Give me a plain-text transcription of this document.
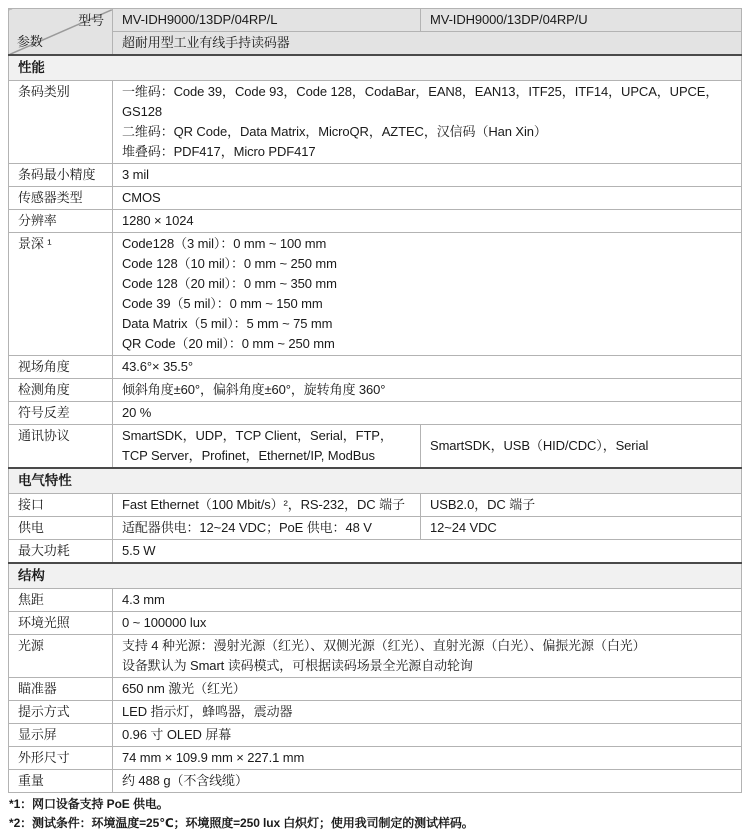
型号
参数	MV-IDH9000/13DP/04RP/L	MV-IDH9000/13DP/04RP/U
	超耐用型工业有线手持读码器	
性能		
条码类别	一维码：Code 39，Code 93，Code 128，CodaBar，EAN8，EAN13，ITF25，ITF14，UPCA，UPCE，GS128
二维码：QR Code，Data Matrix，MicroQR，AZTEC，汉信码（Han Xin）
堆叠码：PDF417，Micro PDF417	

条码最小精度	3 mil	

传感器类型	CMOS	

分辨率	1280 × 1024	

景深 ¹	Code128（3 mil）：0 mm ~ 100 mm
Code 128（10 mil）：0 mm ~ 250 mm
Code 128（20 mil）：0 mm ~ 350 mm
Code 39（5 mil）：0 mm ~ 150 mm
Data Matrix（5 mil）：5 mm ~ 75 mm
QR Code（20 mil）：0 mm ~ 250 mm

视场角度	43.6°× 35.5°	

检测角度	倾斜角度±60°，偏斜角度±60°，旋转角度 360°	

符号反差	20 %	

通讯协议	SmartSDK，UDP，TCP Client，Serial，FTP，
TCP Server，Profinet，Ethernet/IP, ModBus	SmartSDK，USB（HID/CDC），Serial

电气特性		
接口	Fast Ethernet（100 Mbit/s）²，RS-232，DC 端子	USB2.0，DC 端子

供电	适配器供电：12~24 VDC；PoE 供电：48 V	12~24 VDC

最大功耗	5.5 W	

结构		
焦距	4.3 mm	

环境光照	0 ~ 100000 lux	

光源	支持 4 种光源：漫射光源（红光）、双侧光源（红光）、直射光源（白光）、偏振光源（白光）
设备默认为 Smart 读码模式，可根据读码场景全光源自动轮询	

瞄准器	650 nm 激光（红光）	

提示方式	LED 指示灯，蜂鸣器，震动器	

显示屏	0.96 寸 OLED 屏幕	

外形尺寸	74 mm × 109.9 mm × 227.1 mm	

重量	约 488 g（不含线缆）	
*1：网口设备支持 PoE 供电。
*2：测试条件：环境温度=25℃；环境照度=250 lux 白炽灯；使用我司制定的测试样码。
